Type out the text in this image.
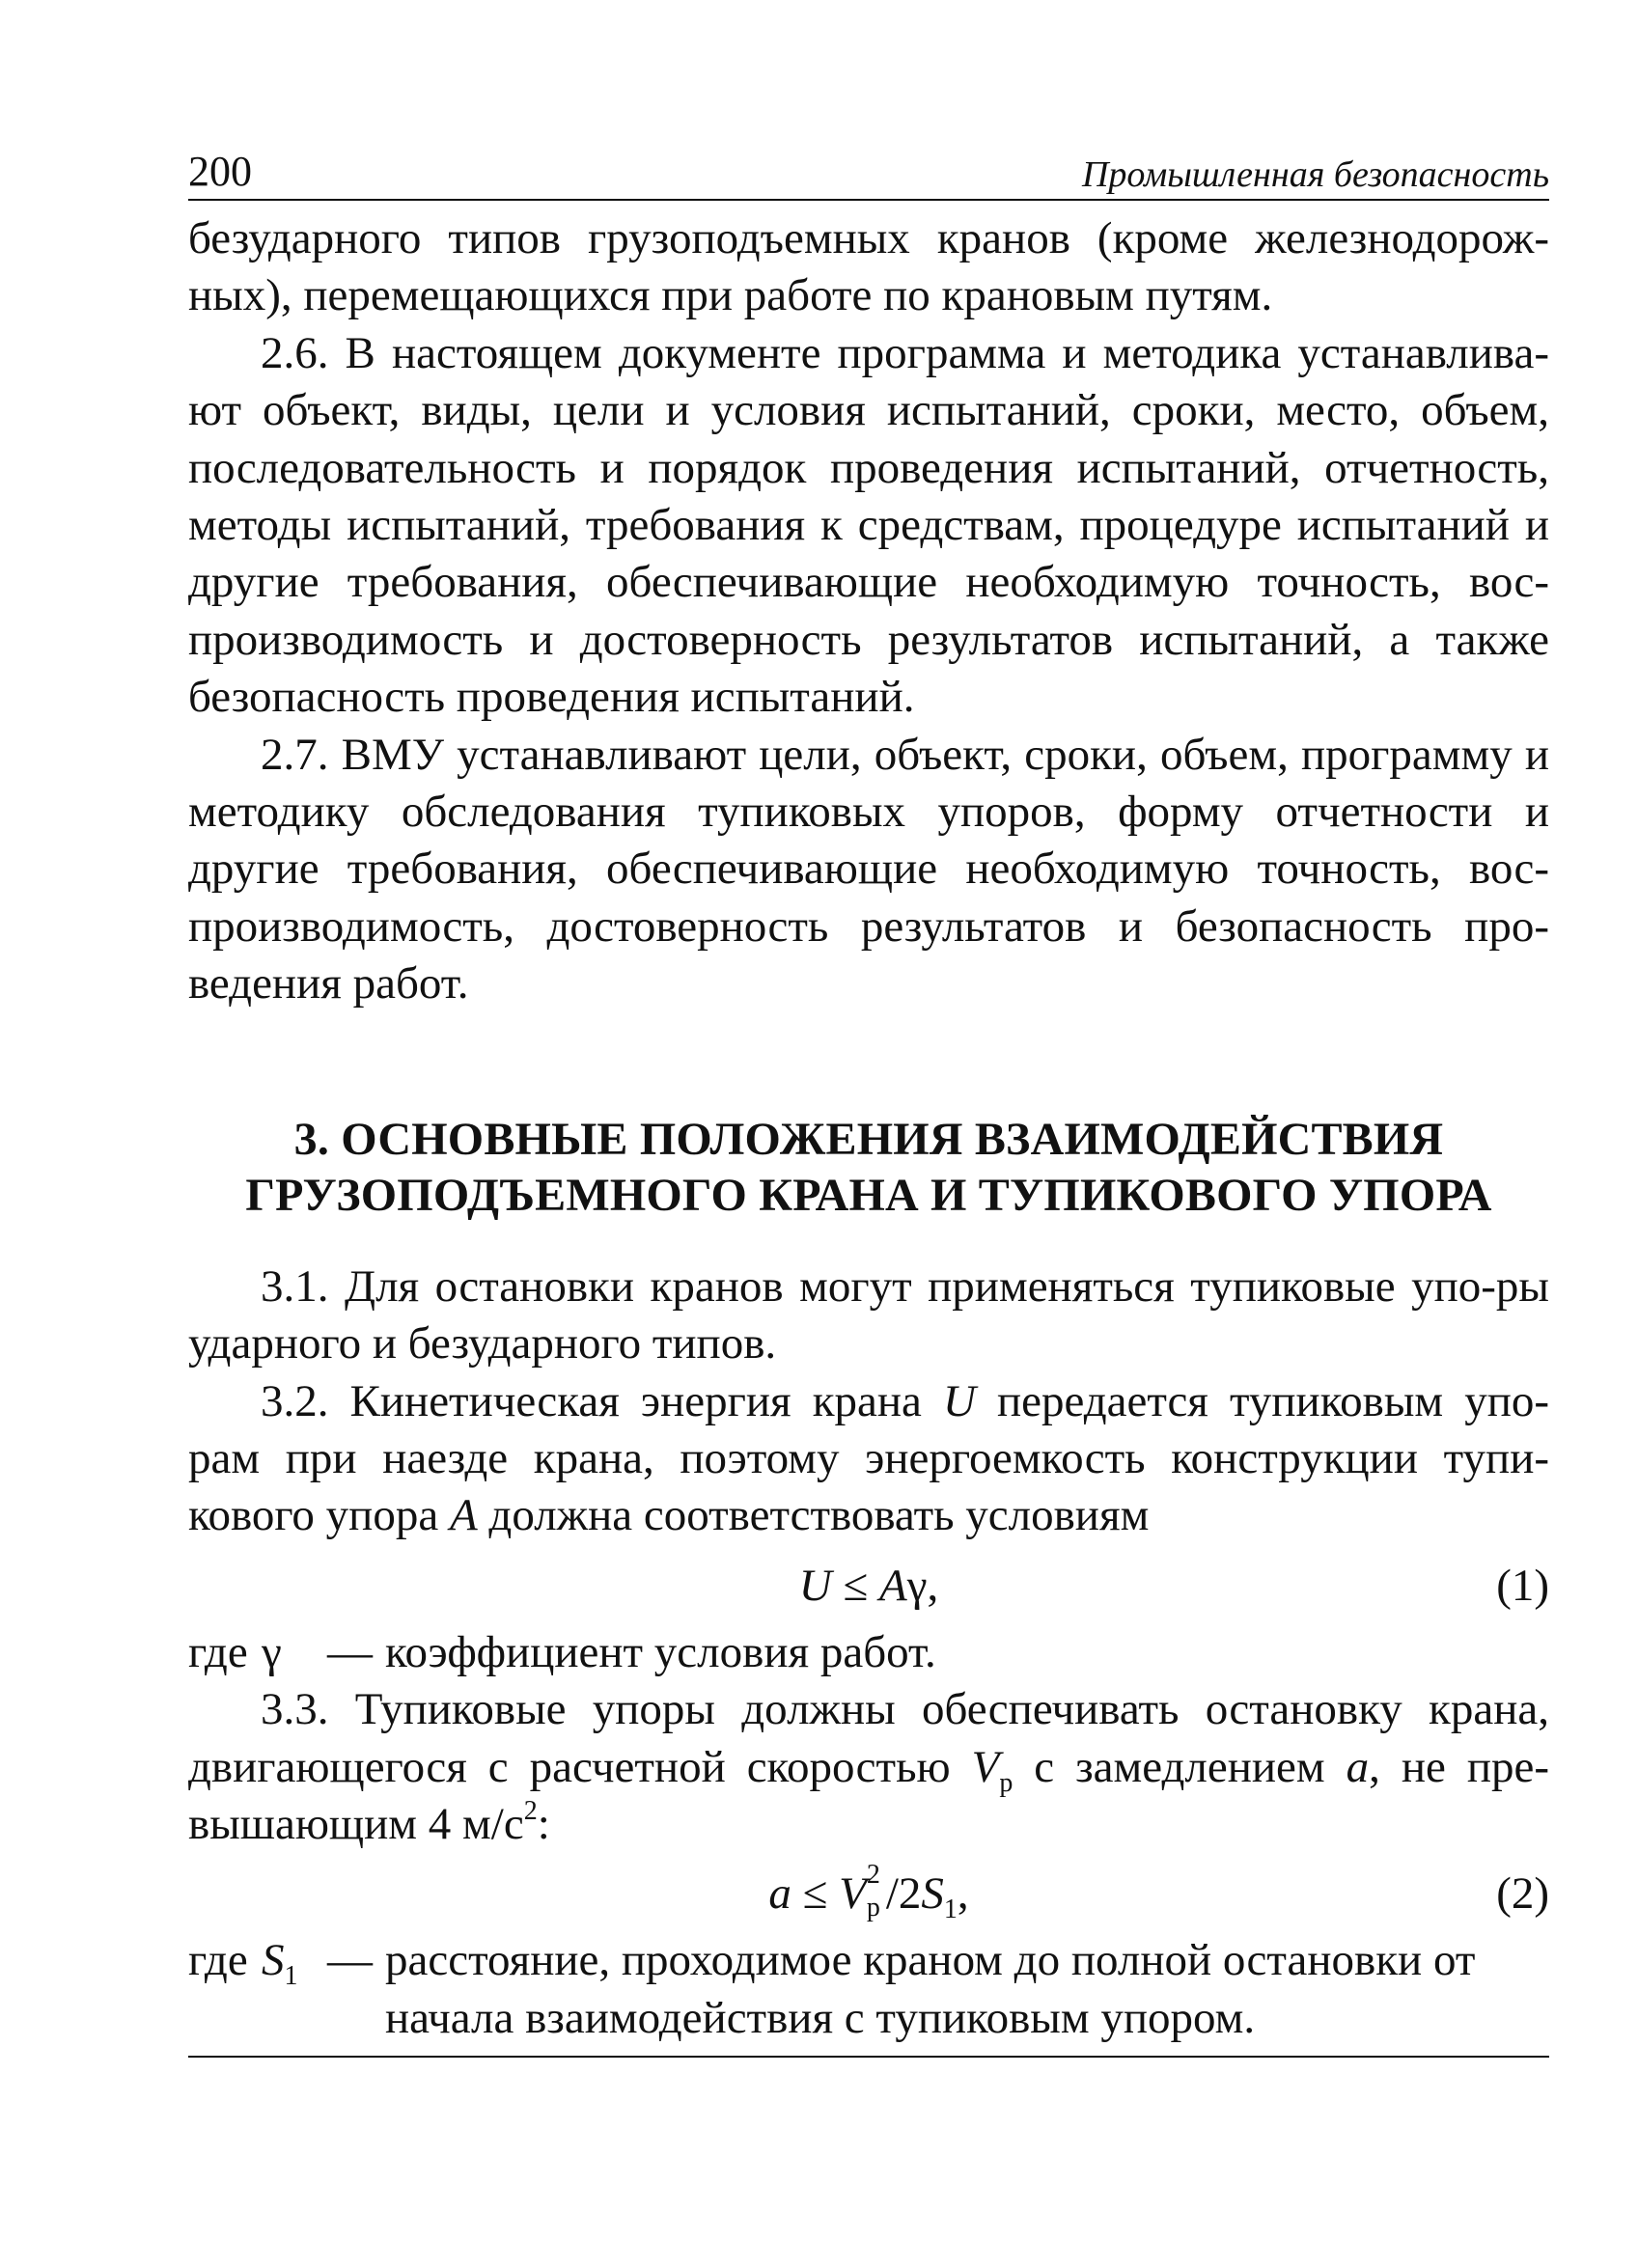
200	Промышленная безопасность

безударного типов грузоподъемных кранов (кроме железнодорож-ных), перемещающихся при работе по крановым путям.

2.6. В настоящем документе программа и методика устанавлива-ют объект, виды, цели и условия испытаний, сроки, место, объем, последовательность и порядок проведения испытаний, отчетность, методы испытаний, требования к средствам, процедуре испытаний и другие требования, обеспечивающие необходимую точность, вос-производимость и достоверность результатов испытаний, а также безопасность проведения испытаний.

2.7. ВМУ устанавливают цели, объект, сроки, объем, программу и методику обследования тупиковых упоров, форму отчетности и другие требования, обеспечивающие необходимую точность, вос-производимость, достоверность результатов и безопасность про-ведения работ.

3. ОСНОВНЫЕ ПОЛОЖЕНИЯ ВЗАИМОДЕЙСТВИЯ
ГРУЗОПОДЪЕМНОГО КРАНА И ТУПИКОВОГО УПОРА

3.1. Для остановки кранов могут применяться тупиковые упо-ры ударного и безударного типов.

3.2. Кинетическая энергия крана U передается тупиковым упо-рам при наезде крана, поэтому энергоемкость конструкции тупи-кового упора A должна соответствовать условиям

U ≤ Aγ,	(1)
где γ	— коэффициент условия работ.

3.3. Тупиковые упоры должны обеспечивать остановку крана, двигающегося с расчетной скоростью $V_р$ с замедлением a, не пре-вышающим 4 $м/с^2$:

a ≤ V 2
р $/2S_1$,	(2)
где $S_1$ — расстояние, проходимое краном до полной остановки от начала взаимодействия с тупиковым упором.
